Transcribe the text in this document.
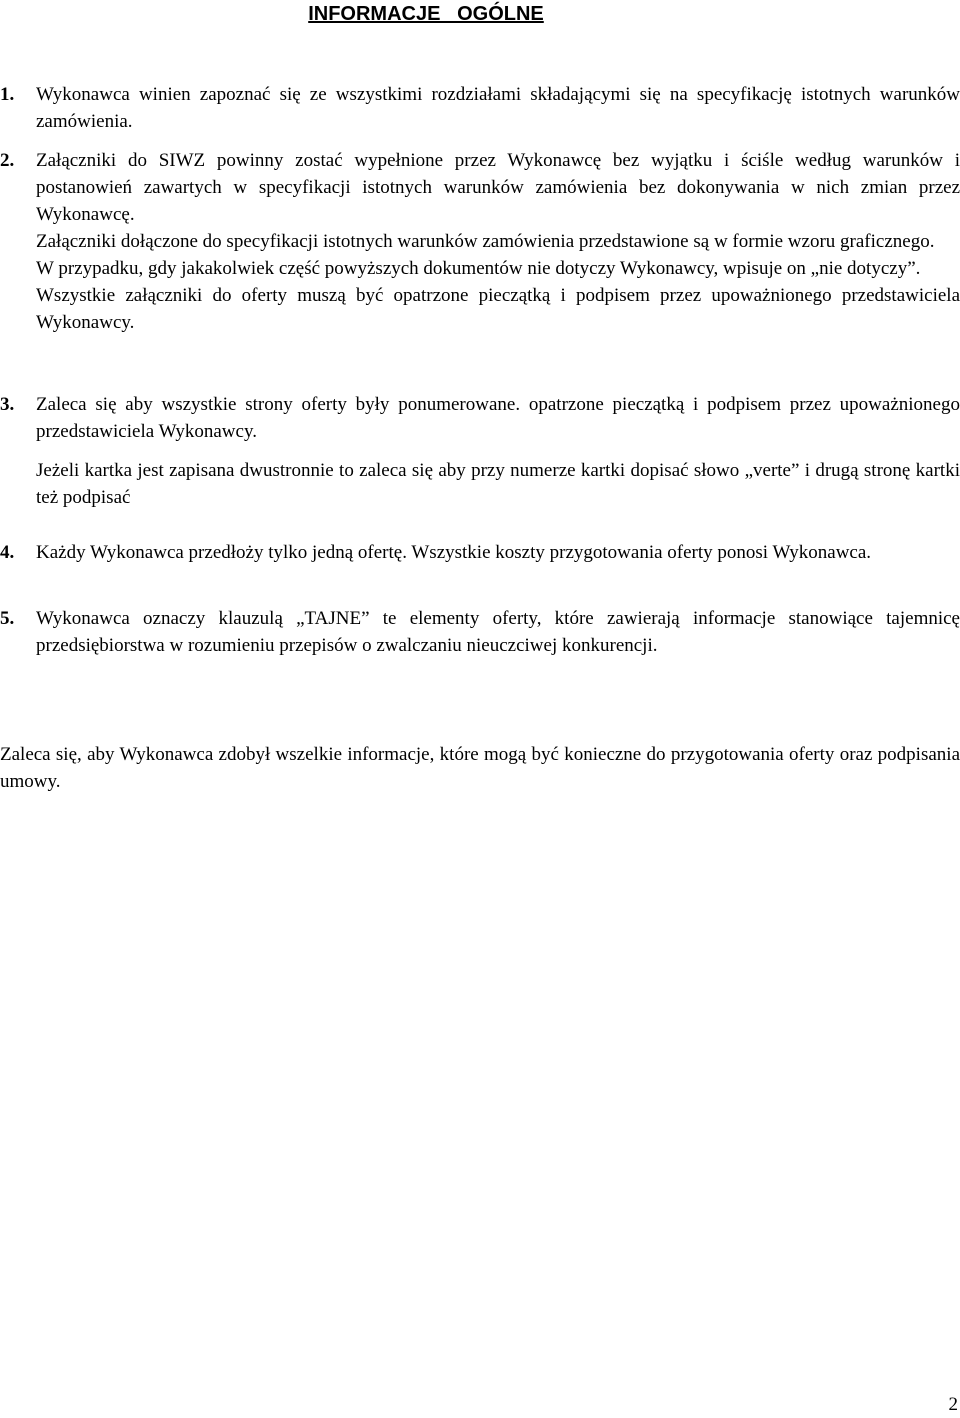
INFORMACJE   OGÓLNE
1. Wykonawca winien zapoznać się ze wszystkimi rozdziałami składającymi się na specyfikację istotnych warunków zamówienia.

2. Załączniki do SIWZ powinny zostać wypełnione przez Wykonawcę bez wyjątku i ściśle według warunków i postanowień zawartych w specyfikacji istotnych warunków zamówienia bez dokonywania w nich zmian przez Wykonawcę.

Załączniki dołączone do specyfikacji istotnych warunków zamówienia przedstawione są w formie wzoru graficznego.

W przypadku, gdy jakakolwiek część powyższych dokumentów nie dotyczy Wykonawcy, wpisuje on „nie dotyczy”.

Wszystkie załączniki do oferty muszą być opatrzone pieczątką i podpisem przez upoważnionego przedstawiciela Wykonawcy.

3. Zaleca się aby wszystkie strony oferty były ponumerowane. opatrzone pieczątką i podpisem przez upoważnionego przedstawiciela Wykonawcy.

Jeżeli kartka jest zapisana dwustronnie to zaleca się aby przy numerze kartki dopisać słowo „verte” i drugą stronę kartki też podpisać

4. Każdy Wykonawca przedłoży tylko jedną ofertę. Wszystkie koszty przygotowania oferty ponosi Wykonawca.

5. Wykonawca oznaczy klauzulą „TAJNE” te elementy oferty, które zawierają informacje stanowiące tajemnicę przedsiębiorstwa w rozumieniu przepisów o zwalczaniu nieuczciwej konkurencji.

Zaleca się, aby Wykonawca zdobył wszelkie informacje, które mogą być konieczne do przygotowania oferty oraz podpisania umowy.

2
